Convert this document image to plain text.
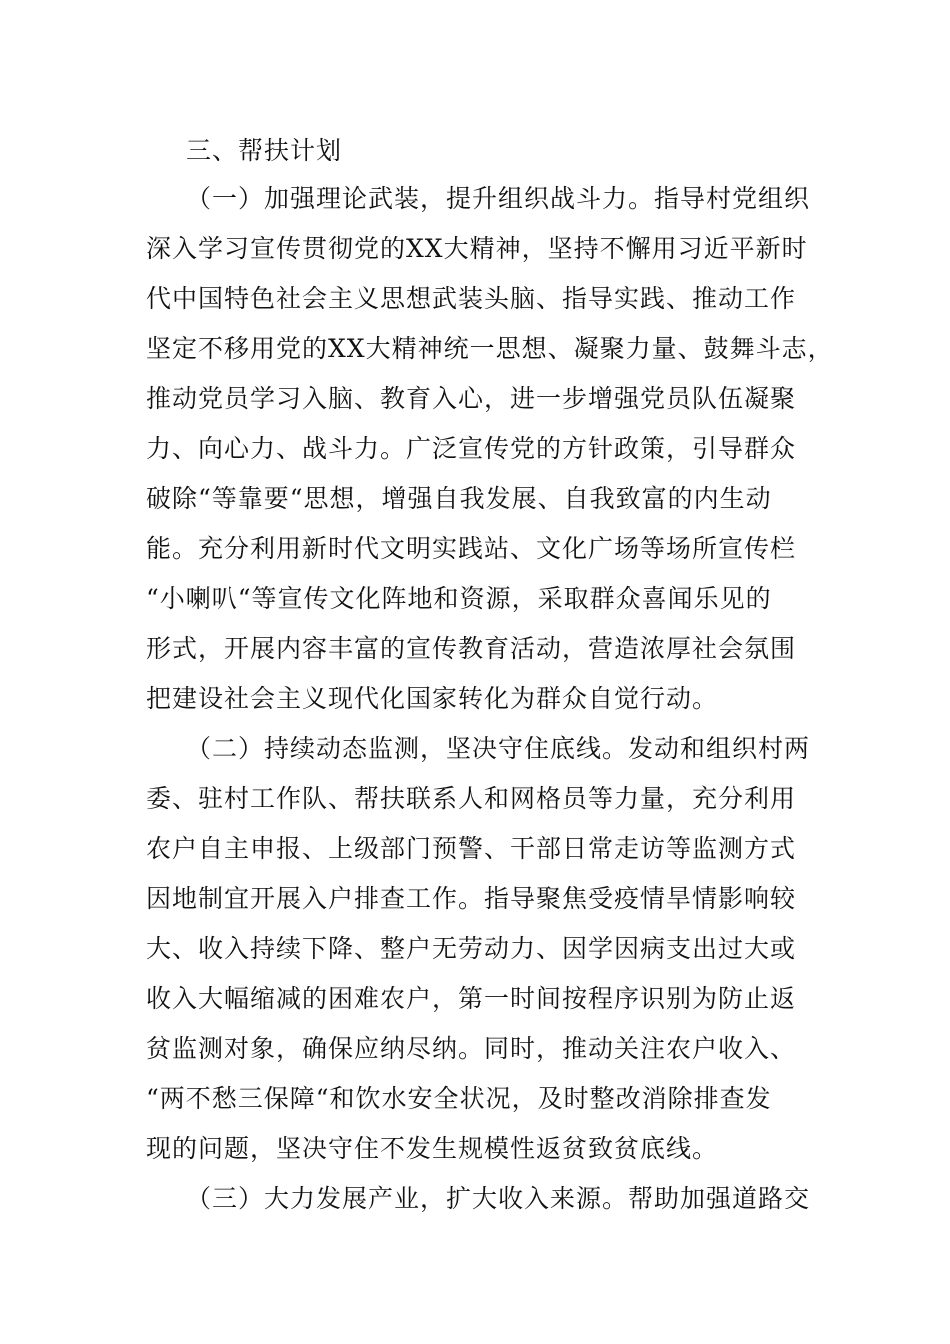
三、帮扶计划
（一）加强理论武装，提升组织战斗力。指导村党组织
深入学习宣传贯彻党的XX大精神，坚持不懈用习近平新时
代中国特色社会主义思想武装头脑、指导实践、推动工作
坚定不移用党的XX大精神统一思想、凝聚力量、鼓舞斗志，
推动党员学习入脑、教育入心，进一步增强党员队伍凝聚
力、向心力、战斗力。广泛宣传党的方针政策，引导群众
破除“等靠要“思想，增强自我发展、自我致富的内生动
能。充分利用新时代文明实践站、文化广场等场所宣传栏
“小喇叭“等宣传文化阵地和资源，采取群众喜闻乐见的
形式，开展内容丰富的宣传教育活动，营造浓厚社会氛围
把建设社会主义现代化国家转化为群众自觉行动。
（二）持续动态监测，坚决守住底线。发动和组织村两
委、驻村工作队、帮扶联系人和网格员等力量，充分利用
农户自主申报、上级部门预警、干部日常走访等监测方式
因地制宜开展入户排查工作。指导聚焦受疫情旱情影响较
大、收入持续下降、整户无劳动力、因学因病支出过大或
收入大幅缩减的困难农户，第一时间按程序识别为防止返
贫监测对象，确保应纳尽纳。同时，推动关注农户收入、
“两不愁三保障“和饮水安全状况，及时整改消除排查发
现的问题，坚决守住不发生规模性返贫致贫底线。
（三）大力发展产业，扩大收入来源。帮助加强道路交
